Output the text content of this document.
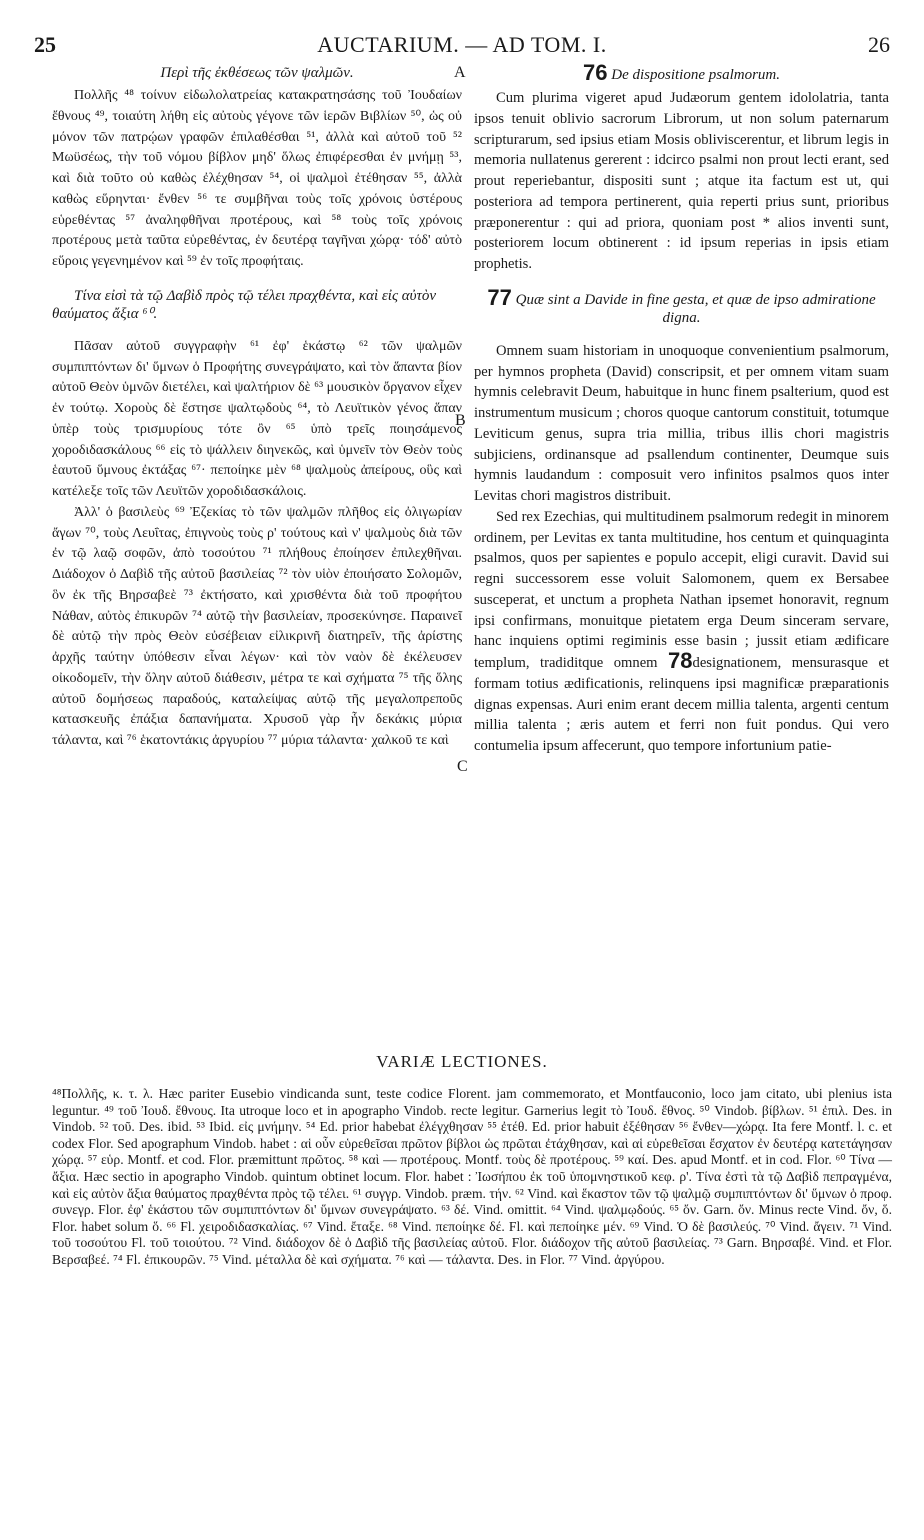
25	AUCTARIUM. — AD TOM. I.	26
Περὶ τῆς ἐκθέσεως τῶν ψαλμῶν.

Πολλῆς ⁴⁸ τοίνυν εἰδωλολατρείας κατακρατησάσης τοῦ Ἰουδαίων ἔθνους ⁴⁹, τοιαύτη λήθη εἰς αὐτοὺς γέγονε τῶν ἱερῶν Βιβλίων ⁵⁰, ὡς οὐ μόνον τῶν πατρῴων γραφῶν ἐπιλαθέσθαι ⁵¹, ἀλλὰ καὶ αὐτοῦ τοῦ ⁵² Μωϋσέως, τὴν τοῦ νόμου βίβλον μηδ' ὅλως ἐπιφέρεσθαι ἐν μνήμῃ ⁵³, καὶ διὰ τοῦτο οὐ καθὼς ἐλέχθησαν ⁵⁴, οἱ ψαλμοὶ ἐτέθησαν ⁵⁵, ἀλλὰ καθὼς εὕρηνται· ἔνθεν ⁵⁶ τε συμβῆναι τοὺς τοῖς χρόνοις ὑστέρους εὑρεθέντας ⁵⁷ ἀναληφθῆναι προτέρους, καὶ ⁵⁸ τοὺς τοῖς χρόνοις προτέρους μετὰ ταῦτα εὑρεθέντας, ἐν δευτέρᾳ ταγῆναι χώρᾳ· τόδ' αὐτὸ εὕροις γεγενημένον καὶ ⁵⁹ ἐν τοῖς προφήταις.

Τίνα εἰσὶ τὰ τῷ Δαβὶδ πρὸς τῷ τέλει πραχθέντα, καὶ εἰς αὐτὸν θαύματος ἄξια ⁶⁰.

Πᾶσαν αὐτοῦ συγγραφὴν ⁶¹ ἐφ' ἑκάστῳ ⁶² τῶν ψαλμῶν συμπιπτόντων δι' ὕμνων ὁ Προφήτης συνεγράψατο, καὶ τὸν ἅπαντα βίον αὐτοῦ Θεὸν ὑμνῶν διετέλει, καὶ ψαλτήριον δὲ ⁶³ μουσικὸν ὄργανον εἶχεν ἐν τούτῳ. Χοροὺς δὲ ἔστησε ψαλτῳδοὺς ⁶⁴, τὸ Λευϊτικὸν γένος ἅπαν ὑπὲρ τοὺς τρισμυρίους τότε ὂν ⁶⁵ ὑπὸ τρεῖς ποιησάμενος χοροδιδασκάλους ⁶⁶ εἰς τὸ ψάλλειν διηνεκῶς, καὶ ὑμνεῖν τὸν Θεὸν τοὺς ἑαυτοῦ ὕμνους ἐκτάξας ⁶⁷· πεποίηκε μὲν ⁶⁸ ψαλμοὺς ἀπείρους, οὓς καὶ κατέλεξε τοῖς τῶν Λευϊτῶν χοροδιδασκάλοις.

Ἀλλ' ὁ βασιλεὺς ⁶⁹ Ἐζεκίας τὸ τῶν ψαλμῶν πλῆθος εἰς ὀλιγωρίαν ἄγων ⁷⁰, τοὺς Λευΐτας, ἐπιγνοὺς τοὺς ρ' τούτους καὶ ν' ψαλμοὺς διὰ τῶν ἐν τῷ λαῷ σοφῶν, ἀπὸ τοσούτου ⁷¹ πλήθους ἐποίησεν ἐπιλεχθῆναι. Διάδοχον ὁ Δαβὶδ τῆς αὐτοῦ βασιλείας ⁷² τὸν υἱὸν ἐποιήσατο Σολομῶν, ὃν ἐκ τῆς Βηρσαβεὲ ⁷³ ἐκτήσατο, καὶ χρισθέντα διὰ τοῦ προφήτου Νάθαν, αὐτὸς ἐπικυρῶν ⁷⁴ αὐτῷ τὴν βασιλείαν, προσεκύνησε. Παραινεῖ δὲ αὐτῷ τὴν πρὸς Θεὸν εὐσέβειαν εἰλικρινῆ διατηρεῖν, τῆς ἀρίστης ἀρχῆς ταύτην ὑπόθεσιν εἶναι λέγων· καὶ τὸν ναὸν δὲ ἐκέλευσεν οἰκοδομεῖν, τὴν ὅλην αὐτοῦ διάθεσιν, μέτρα τε καὶ σχήματα ⁷⁵ τῆς ὅλης αὐτοῦ δομήσεως παραδούς, καταλείψας αὐτῷ τῆς μεγαλοπρεποῦς κατασκευῆς ἐπάξια δαπανήματα. Χρυσοῦ γὰρ ἦν δεκάκις μύρια τάλαντα, καὶ ⁷⁶ ἑκατοντάκις ἀργυρίου ⁷⁷ μύρια τάλαντα· χαλκοῦ τε καὶ

A
B
C
76 De dispositione psalmorum.

Cum plurima vigeret apud Judæorum gentem idololatria, tanta ipsos tenuit oblivio sacrorum Librorum, ut non solum paternarum scripturarum, sed ipsius etiam Mosis obliviscerentur, et librum legis in memoria nullatenus gererent : idcirco psalmi non prout lecti erant, sed prout reperiebantur, dispositi sunt ; atque ita factum est ut, qui posteriora ad tempora pertinerent, quia reperti prius sunt, prioribus præponerentur : qui ad priora, quoniam post * alios inventi sunt, posteriorem locum obtinerent : id ipsum reperias in ipsis etiam prophetis.

77 Quæ sint a Davide in fine gesta, et quæ de ipso admiratione digna.

Omnem suam historiam in unoquoque convenientium psalmorum, per hymnos propheta (David) conscripsit, et per omnem vitam suam hymnis celebravit Deum, habuitque in hunc finem psalterium, quod est instrumentum musicum ; choros quoque cantorum constituit, totumque Leviticum genus, supra tria millia, tribus illis chori magistris subjiciens, ordinansque ad psallendum continenter, Deumque suis hymnis laudandum : composuit vero infinitos psalmos quos inter Levitas chori magistros distribuit.

Sed rex Ezechias, qui multitudinem psalmorum redegit in minorem ordinem, per Levitas ex tanta multitudine, hos centum et quinquaginta psalmos, quos per sapientes e populo accepit, eligi curavit. David sui regni successorem esse voluit Salomonem, quem ex Bersabee susceperat, et unctum a propheta Nathan ipsemet honoravit, regnum ipsi confirmans, monuitque pietatem erga Deum sinceram servare, hanc inquiens optimi regiminis esse basin ; jussit etiam ædificare templum, tradiditque omnem 78designationem, mensurasque et formam totius ædificationis, relinquens ipsi magnificæ præparationis dignas expensas. Auri enim erant decem millia talenta, argenti centum millia talenta ; æris autem et ferri non fuit pondus. Qui vero contumelia ipsum affecerunt, quo tempore infortunium patie-

VARIÆ LECTIONES.
⁴⁸Πολλῆς, κ. τ. λ. Hæc pariter Eusebio vindicanda sunt, teste codice Florent. jam commemorato, et Montfauconio, loco jam citato, ubi plenius ista leguntur. ⁴⁹ τοῦ Ἰουδ. ἔθνους. Ita utroque loco et in apographo Vindob. recte legitur. Garnerius legit τὸ Ἰουδ. ἔθνος. ⁵⁰ Vindob. βίβλων. ⁵¹ ἐπιλ. Des. in Vindob. ⁵² τοῦ. Des. ibid. ⁵³ Ibid. εἰς μνήμην. ⁵⁴ Ed. prior habebat ἐλέγχθησαν ⁵⁵ ἐτέθ. Ed. prior habuit ἐξέθησαν ⁵⁶ ἔνθεν—χώρᾳ. Ita fere Montf. l. c. et codex Flor. Sed apographum Vindob. habet : αἱ οὖν εὑρεθεῖσαι πρῶτον βίβλοι ὡς πρῶται ἐτάχθησαν, καὶ αἱ εὑρεθεῖσαι ἔσχατον ἐν δευτέρᾳ κατετάγησαν χώρᾳ. ⁵⁷ εὑρ. Montf. et cod. Flor. præmittunt πρῶτος. ⁵⁸ καὶ — προτέρους. Montf. τοὺς δὲ προτέρους. ⁵⁹ καί. Des. apud Montf. et in cod. Flor. ⁶⁰ Τίνα — ἄξια. Hæc sectio in apographo Vindob. quintum obtinet locum. Flor. habet : Ἰωσήπου ἐκ τοῦ ὑπομνηστικοῦ κεφ. ρ'. Τίνα ἐστὶ τὰ τῷ Δαβὶδ πεπραγμένα, καὶ εἰς αὐτὸν ἄξια θαύματος πραχθέντα πρὸς τῷ τέλει. ⁶¹ συγγρ. Vindob. præm. τήν. ⁶² Vind. καὶ ἕκαστον τῶν τῷ ψαλμῷ συμπιπτόντων δι' ὕμνων ὁ προφ. συνεγρ. Flor. ἐφ' ἑκάστου τῶν συμπιπτόντων δι' ὕμνων συνεγράψατο. ⁶³ δέ. Vind. omittit. ⁶⁴ Vind. ψαλμῳδούς. ⁶⁵ ὄν. Garn. ὄν. Minus recte Vind. ὄν, ὅ. Flor. habet solum ὅ. ⁶⁶ Fl. χειροδιδασκαλίας. ⁶⁷ Vind. ἔταξε. ⁶⁸ Vind. πεποίηκε δέ. Fl. καὶ πεποίηκε μέν. ⁶⁹ Vind. Ὁ δὲ βασιλεύς. ⁷⁰ Vind. ἄγειν. ⁷¹ Vind. τοῦ τοσούτου Fl. τοῦ τοιούτου. ⁷² Vind. διάδοχον δὲ ὁ Δαβὶδ τῆς βασιλείας αὐτοῦ. Flor. διάδοχον τῆς αὐτοῦ βασιλείας. ⁷³ Garn. Βηρσαβέ. Vind. et Flor. Βερσαβεέ. ⁷⁴ Fl. ἐπικουρῶν. ⁷⁵ Vind. μέταλλα δὲ καὶ σχήματα. ⁷⁶ καὶ — τάλαντα. Des. in Flor. ⁷⁷ Vind. ἀργύρου.
